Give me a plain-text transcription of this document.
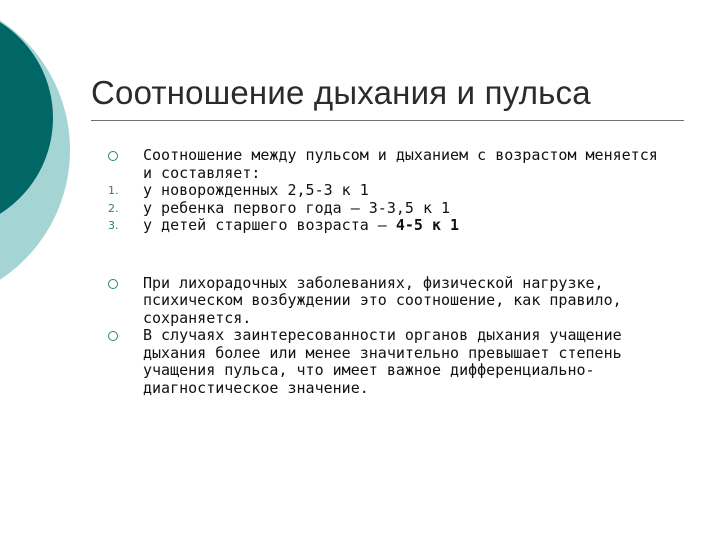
Соотношение дыхания и пульса
Соотношение между пульсом и дыханием с возрастом меняется и составляет:
1.	у новорожденных 2,5-3 к 1
2.	у ребенка первого года — 3-3,5 к 1
3.	у детей старшего возраста — 4-5 к 1
При лихорадочных заболеваниях, физической нагрузке, психическом возбуждении это соотношение, как правило, сохраняется.
В случаях заинтересованности органов дыхания учащение дыхания более или менее значительно превышает степень учащения пульса, что имеет важное дифференциально-диагностическое значение.
